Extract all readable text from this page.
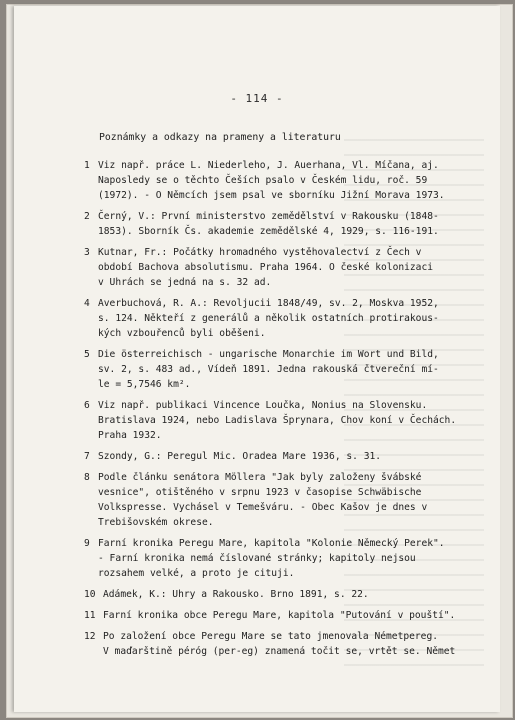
- 114 -
Poznámky a odkazy na prameny a literaturu
1 Viz např. práce L. Niederleho, J. Auerhana, Vl. Míčana, aj.
Naposledy se o těchto Češích psalo v Českém lidu, roč. 59
(1972). - O Němcích jsem psal ve sborníku Jižní Morava 1973.
2 Černý, V.: První ministerstvo zemědělství v Rakousku (1848-
1853). Sborník Čs. akademie zemědělské 4, 1929, s. 116-191.
3 Kutnar, Fr.: Počátky hromadného vystěhovalectví z Čech v
období Bachova absolutismu. Praha 1964. O české kolonizaci
v Uhrách se jedná na s. 32 ad.
4 Averbuchová, R. A.: Revoljucii 1848/49, sv. 2, Moskva 1952,
s. 124. Někteří z generálů a několik ostatních protirakous-
kých vzbouřenců byli oběšeni.
5 Die österreichisch - ungarische Monarchie im Wort und Bild,
sv. 2, s. 483 ad., Vídeň 1891. Jedna rakouská čtvereční mí-
le = 5,7546 km².
6 Viz např. publikaci Vincence Loučka, Nonius na Slovensku.
Bratislava 1924, nebo Ladislava Šprynara, Chov koní v Čechách.
Praha 1932.
7 Szondy, G.: Peregul Mic. Oradea Mare 1936, s. 31.
8 Podle článku senátora Möllera "Jak byly založeny švábské
vesnice", otištěného v srpnu 1923 v časopise Schwäbische
Volkspresse. Vychásel v Temešváru. - Obec Kašov je dnes v
Trebišovském okrese.
9 Farní kronika Peregu Mare, kapitola "Kolonie Německý Perek".
- Farní kronika nemá číslované stránky; kapitoly nejsou
rozsahem velké, a proto je cituji.
10 Adámek, K.: Uhry a Rakousko. Brno 1891, s. 22.
11 Farní kronika obce Peregu Mare, kapitola "Putování v pouští".
12 Po založení obce Peregu Mare se tato jmenovala Németpereg.
V maďarštině péróg (per-eg) znamená točit se, vrtět se. Němet
